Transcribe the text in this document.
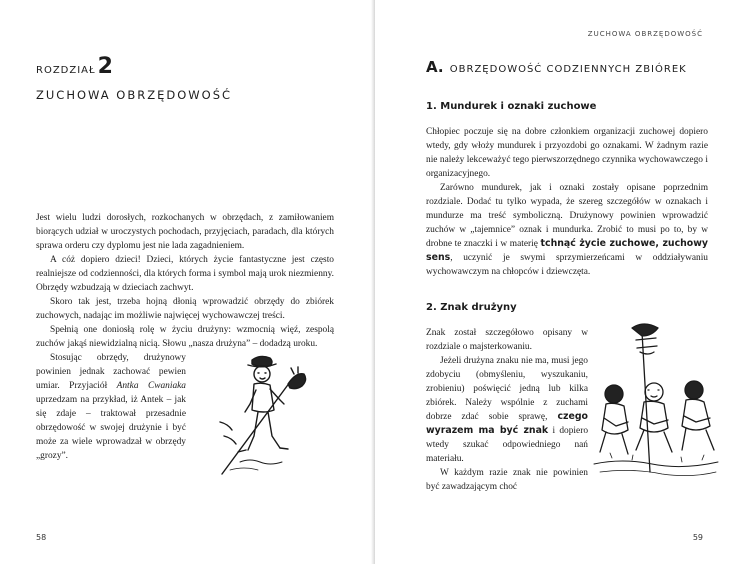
ROZDZIAŁ 2
ZUCHOWA OBRZĘDOWOŚĆ

Jest wielu ludzi dorosłych, rozkochanych w obrzędach, z zamiłowaniem biorących udział w uroczystych pochodach, przyjęciach, paradach, dla których sprawa orderu czy dyplomu jest nie lada zagadnieniem.

A cóż dopiero dzieci! Dzieci, których życie fantastyczne jest często realniejsze od codzienności, dla których forma i symbol mają urok niezmienny. Obrzędy wzbudzają w dzieciach zachwyt.

Skoro tak jest, trzeba hojną dłonią wprowadzić obrzędy do zbiórek zuchowych, nadając im możliwie najwięcej wychowawczej treści.

Spełnią one doniosłą rolę w życiu drużyny: wzmocnią więź, zespolą zuchów jakąś niewidzialną nicią. Słowu „nasza drużyna” – dodadzą uroku.

Stosując obrzędy, drużynowy powinien jednak zachować pewien umiar. Przyjaciół Antka Cwaniaka uprzedzam na przykład, iż Antek – jak się zdaje – traktował przesadnie obrzędowość w swojej drużynie i być może za wiele wprowadzał w obrzędy „grozy”.

58
ZUCHOWA OBRZĘDOWOŚĆ
A. OBRZĘDOWOŚĆ CODZIENNYCH ZBIÓREK
1. Mundurek i oznaki zuchowe

Chłopiec poczuje się na dobre członkiem organizacji zuchowej dopiero wtedy, gdy włoży mundurek i przyozdobi go oznakami. W żadnym razie nie należy lekceważyć tego pierwszorzędnego czynnika wychowawczego i organizacyjnego.

Zarówno mundurek, jak i oznaki zostały opisane poprzednim rozdziale. Dodać tu tylko wypada, że szereg szczegółów w oznakach i mundurze ma treść symboliczną. Drużynowy powinien wprowadzić zuchów w „tajemnice” oznak i mundurka. Zrobić to musi po to, by w drobne te znaczki i w materię tchnąć życie zuchowe, zuchowy sens, uczynić je swymi sprzymierzeńcami w oddziaływaniu wychowawczym na chłopców i dziewczęta.

2. Znak drużyny

Znak został szczegółowo opisany w rozdziale o majsterkowaniu.

Jeżeli drużyna znaku nie ma, musi jego zdobyciu (obmyśleniu, wyszukaniu, zrobieniu) poświęcić jedną lub kilka zbiórek. Należy wspólnie z zuchami dobrze zdać sobie sprawę, czego wyrazem ma być znak i dopiero wtedy szukać odpowiedniego nań materiału.

W każdym razie znak nie powinien być zawadzającym choć

59
